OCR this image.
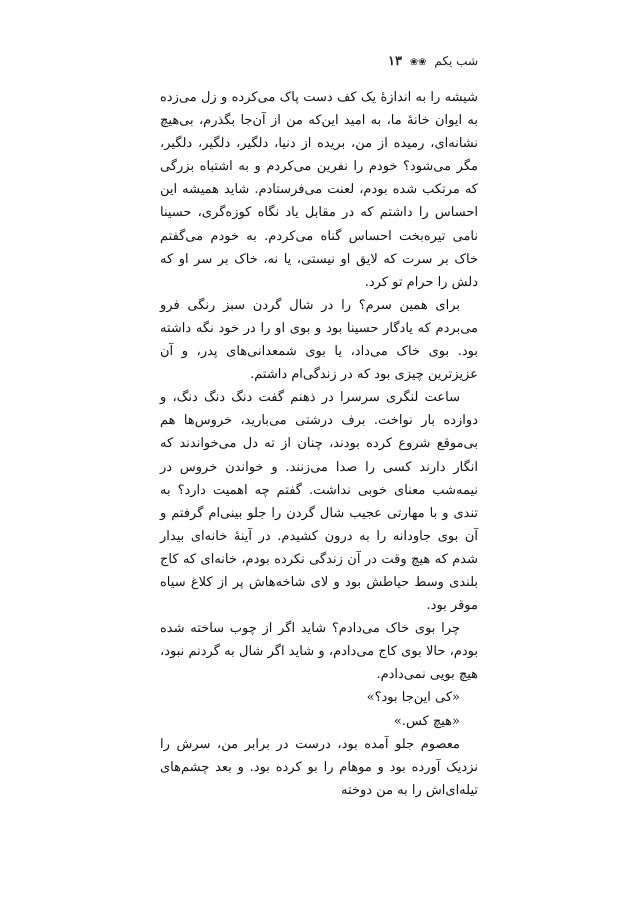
شب یکم ❀❀ ۱۳

شیشه را به اندازهٔ یک کف دست پاک می‌کرده و زل می‌زده به ایوان خانهٔ ما، به امید این‌که من از آن‌جا بگذرم، بی‌هیچ نشانه‌ای، رمیده از من، بریده از دنیا، دلگیر، دلگیر، دلگیر، مگر می‌شود؟ خودم را نفرین می‌کردم و به اشتباه بزرگی که مرتکب شده بودم، لعنت می‌فرستادم. شاید همیشه این احساس را داشتم که در مقابل یاد نگاه کوزه‌گری، حسینا نامی تیره‌بخت احساس گناه می‌کردم. به خودم می‌گفتم خاک بر سرت که لایق او نیستی، یا نه، خاک بر سر او که دلش را حرام تو کرد.

برای همین سرم؟ را در شال گردن سبز رنگی فرو می‌بردم که یادگار حسینا بود و بوی او را در خود نگه داشته بود. بوی خاک می‌داد، یا بوی شمعدانی‌های پدر، و آن عزیزترین چیزی بود که در زندگی‌ام داشتم.

ساعت لنگری سرسرا در ذهنم گفت دنگ دنگ دنگ، و دوازده بار نواخت. برف درشتی می‌بارید، خروس‌ها هم بی‌موقع شروع کرده بودند، چنان از ته دل می‌خواندند که انگار دارند کسی را صدا می‌زنند. و خواندن خروس در نیمه‌شب معنای خوبی نداشت. گفتم چه اهمیت دارد؟ به تندی و با مهارتی عجیب شال گردن را جلو بینی‌ام گرفتم و آن بوی جاودانه را به درون کشیدم. در آینهٔ خانه‌ای بیدار شدم که هیچ وقت در آن زندگی نکرده بودم، خانه‌ای که کاج بلندی وسط حیاطش بود و لای شاخه‌هاش پر از کلاغ سیاه موقر بود.

چرا بوی خاک می‌دادم؟ شاید اگر از چوب ساخته شده بودم، حالا بوی کاج می‌دادم، و شاید اگر شال به گردنم نبود، هیچ بویی نمی‌دادم.

«کی این‌جا بود؟»

«هیچ کس.»

معصوم جلو آمده بود، درست در برابر من، سرش را نزدیک آورده بود و موهام را بو کرده بود. و بعد چشم‌های تیله‌ای‌اش را به من دوخته
